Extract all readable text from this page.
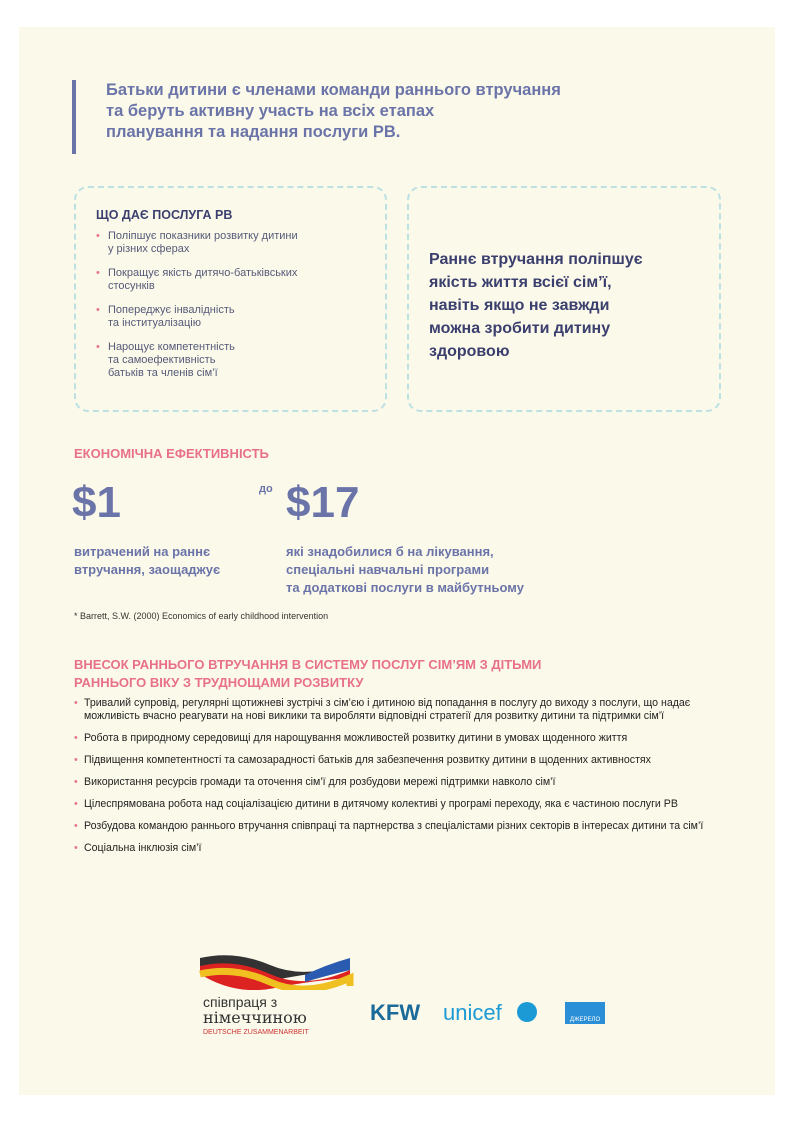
Батьки дитини є членами команди раннього втручання

та беруть активну участь на всіх етапах

планування та надання послуги РВ.

ЩО ДАЄ ПОСЛУГА РВ
• Поліпшує показники розвитку дитини
у різних сферах
• Покращує якість дитячо-батьківських
стосунків
• Попереджує інвалідність
та інституалізацію
• Нарощує компетентність
та самоефективність
батьків та членів сім’ї

Раннє втручання поліпшує
якість життя всієї сім’ї,
навіть якщо не завжди
можна зробити дитину
здоровою

ЕКОНОМІЧНА ЕФЕКТИВНІСТЬ
$1	до $17
витрачений на раннє
втручання, заощаджує
які знадобилися б на лікування,
спеціальні навчальні програми
та додаткові послуги в майбутньому
* Barrett, S.W. (2000) Economics of early childhood intervention
ВНЕСОК РАННЬОГО ВТРУЧАННЯ В СИСТЕМУ ПОСЛУГ СІМ’ЯМ З ДІТЬМИ
РАННЬОГО ВІКУ З ТРУДНОЩАМИ РОЗВИТКУ
• Тривалий супровід, регулярні щотижневі зустрічі з сім’єю і дитиною від попадання в послугу до виходу з послуги, що надає можливість вчасно реагувати на нові виклики та виробляти відповідні стратегії для розвитку дитини та підтримки сім’ї
• Робота в природному середовищі для нарощування можливостей розвитку дитини в умовах щоденного життя
• Підвищення компетентності та самозарадності батьків для забезпечення розвитку дитини в щоденних активностях
• Використання ресурсів громади та оточення сім’ї для розбудови мережі підтримки навколо сім’ї
• Цілеспрямована робота над соціалізацією дитини в дитячому колективі у програмі переходу, яка є частиною послуги РВ
• Розбудова командою раннього втручання співпраці та партнерства з спеціалістами різних секторів в інтересах дитини та сім’ї
• Соціальна інклюзія сім’ї
співпраця з
німеччиною
DEUTSCHE ZUSAMMENARBEIT
KFW unicef	ДЖЕРЕЛО
